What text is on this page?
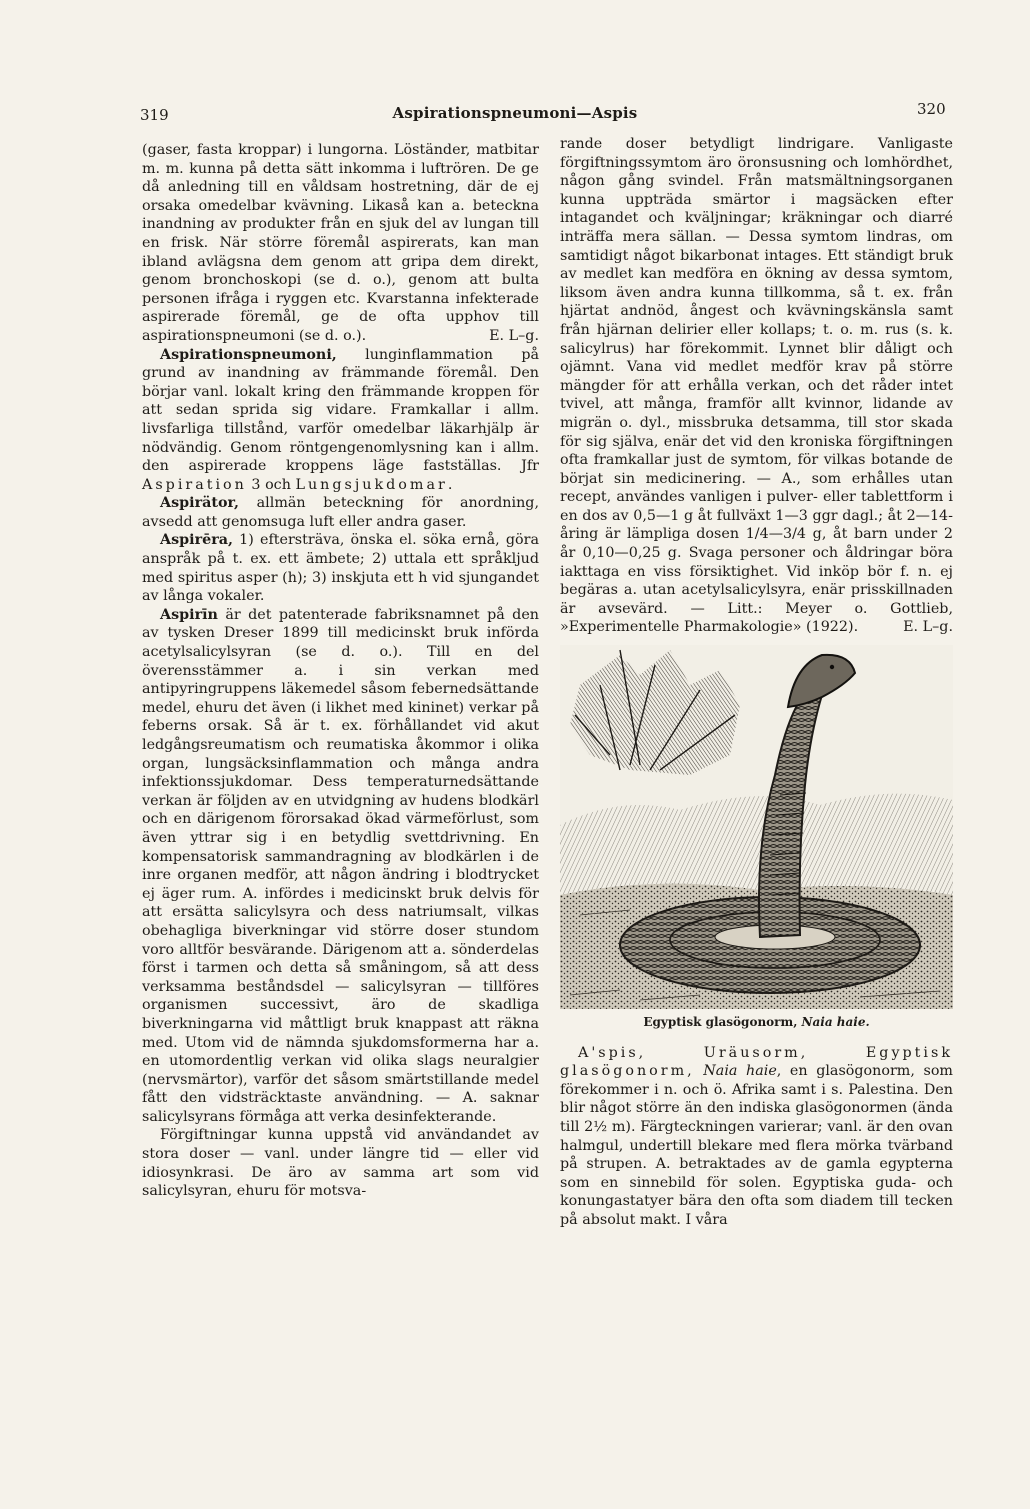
319	Aspirationspneumoni—Aspis	320

(gaser, fasta kroppar) i lungorna. Löständer, matbitar m. m. kunna på detta sätt inkomma i luftrören. De ge då anledning till en våldsam hostretning, där de ej orsaka omedelbar kvävning. Likaså kan a. beteckna inandning av produkter från en sjuk del av lungan till en frisk. När större föremål aspirerats, kan man ibland avlägsna dem genom att gripa dem direkt, genom bronchoskopi (se d. o.), genom att bulta personen ifråga i ryggen etc. Kvarstanna infekterade aspirerade föremål, ge de ofta upphov till aspirationspneumoni (se d. o.).	E. L–g.

Aspirationspneumoni, lunginflammation på grund av inandning av främmande föremål. Den börjar vanl. lokalt kring den främmande kroppen för att sedan sprida sig vidare. Framkallar i allm. livsfarliga tillstånd, varför omedelbar läkarhjälp är nödvändig. Genom röntgengenomlysning kan i allm. den aspirerade kroppens läge fastställas. Jfr Aspiration 3 och Lungsjukdomar.

Aspirätor, allmän beteckning för anordning, avsedd att genomsuga luft eller andra gaser.

Aspirēra, 1) eftersträva, önska el. söka ernå, göra anspråk på t. ex. ett ämbete; 2) uttala ett språkljud med spiritus asper (h); 3) inskjuta ett h vid sjungandet av långa vokaler.

Aspirīn är det patenterade fabriksnamnet på den av tysken Dreser 1899 till medicinskt bruk införda acetylsalicylsyran (se d. o.). Till en del överensstämmer a. i sin verkan med antipyringruppens läkemedel såsom febernedsättande medel, ehuru det även (i likhet med kininet) verkar på feberns orsak. Så är t. ex. förhållandet vid akut ledgångsreumatism och reumatiska åkommor i olika organ, lungsäcksinflammation och många andra infektionssjukdomar. Dess temperaturnedsättande verkan är följden av en utvidgning av hudens blodkärl och en därigenom förorsakad ökad värmeförlust, som även yttrar sig i en betydlig svettdrivning. En kompensatorisk sammandragning av blodkärlen i de inre organen medför, att någon ändring i blodtrycket ej äger rum. A. infördes i medicinskt bruk delvis för att ersätta salicylsyra och dess natriumsalt, vilkas obehagliga biverkningar vid större doser stundom voro alltför besvärande. Därigenom att a. sönderdelas först i tarmen och detta så småningom, så att dess verksamma beståndsdel — salicylsyran — tillföres organismen successivt, äro de skadliga biverkningarna vid måttligt bruk knappast att räkna med. Utom vid de nämnda sjukdomsformerna har a. en utomordentlig verkan vid olika slags neuralgier (nervsmärtor), varför det såsom smärtstillande medel fått den vidsträcktaste användning. — A. saknar salicylsyrans förmåga att verka desinfekterande.

Förgiftningar kunna uppstå vid användandet av stora doser — vanl. under längre tid — eller vid idiosynkrasi. De äro av samma art som vid salicylsyran, ehuru för motsva-

rande doser betydligt lindrigare. Vanligaste förgiftningssymtom äro öronsusning och lomhördhet, någon gång svindel. Från matsmältningsorganen kunna uppträda smärtor i magsäcken efter intagandet och kväljningar; kräkningar och diarré inträffa mera sällan. — Dessa symtom lindras, om samtidigt något bikarbonat intages. Ett ständigt bruk av medlet kan medföra en ökning av dessa symtom, liksom även andra kunna tillkomma, så t. ex. från hjärtat andnöd, ångest och kvävningskänsla samt från hjärnan delirier eller kollaps; t. o. m. rus (s. k. salicylrus) har förekommit. Lynnet blir dåligt och ojämnt. Vana vid medlet medför krav på större mängder för att erhålla verkan, och det råder intet tvivel, att många, framför allt kvinnor, lidande av migrän o. dyl., missbruka detsamma, till stor skada för sig själva, enär det vid den kroniska förgiftningen ofta framkallar just de symtom, för vilkas botande de börjat sin medicinering. — A., som erhålles utan recept, användes vanligen i pulver- eller tablettform i en dos av 0,5—1 g åt fullväxt 1—3 ggr dagl.; åt 2—14-åring är lämpliga dosen 1/4—3/4 g, åt barn under 2 år 0,10—0,25 g. Svaga personer och åldringar böra iakttaga en viss försiktighet. Vid inköp bör f. n. ej begäras a. utan acetylsalicylsyra, enär prisskillnaden är avsevärd. — Litt.: Meyer o. Gottlieb, »Experimentelle Pharmakologie» (1922).	E. L–g.

Egyptisk glasögonorm, Naia haie.

A'spis, Uräusorm, Egyptisk glasögonorm, Naia haie, en glasögonorm, som förekommer i n. och ö. Afrika samt i s. Palestina. Den blir något större än den indiska glasögonormen (ända till 2½ m). Färgteckningen varierar; vanl. är den ovan halmgul, undertill blekare med flera mörka tvärband på strupen. A. betraktades av de gamla egypterna som en sinnebild för solen. Egyptiska guda- och konungastatyer bära den ofta som diadem till tecken på absolut makt. I våra
